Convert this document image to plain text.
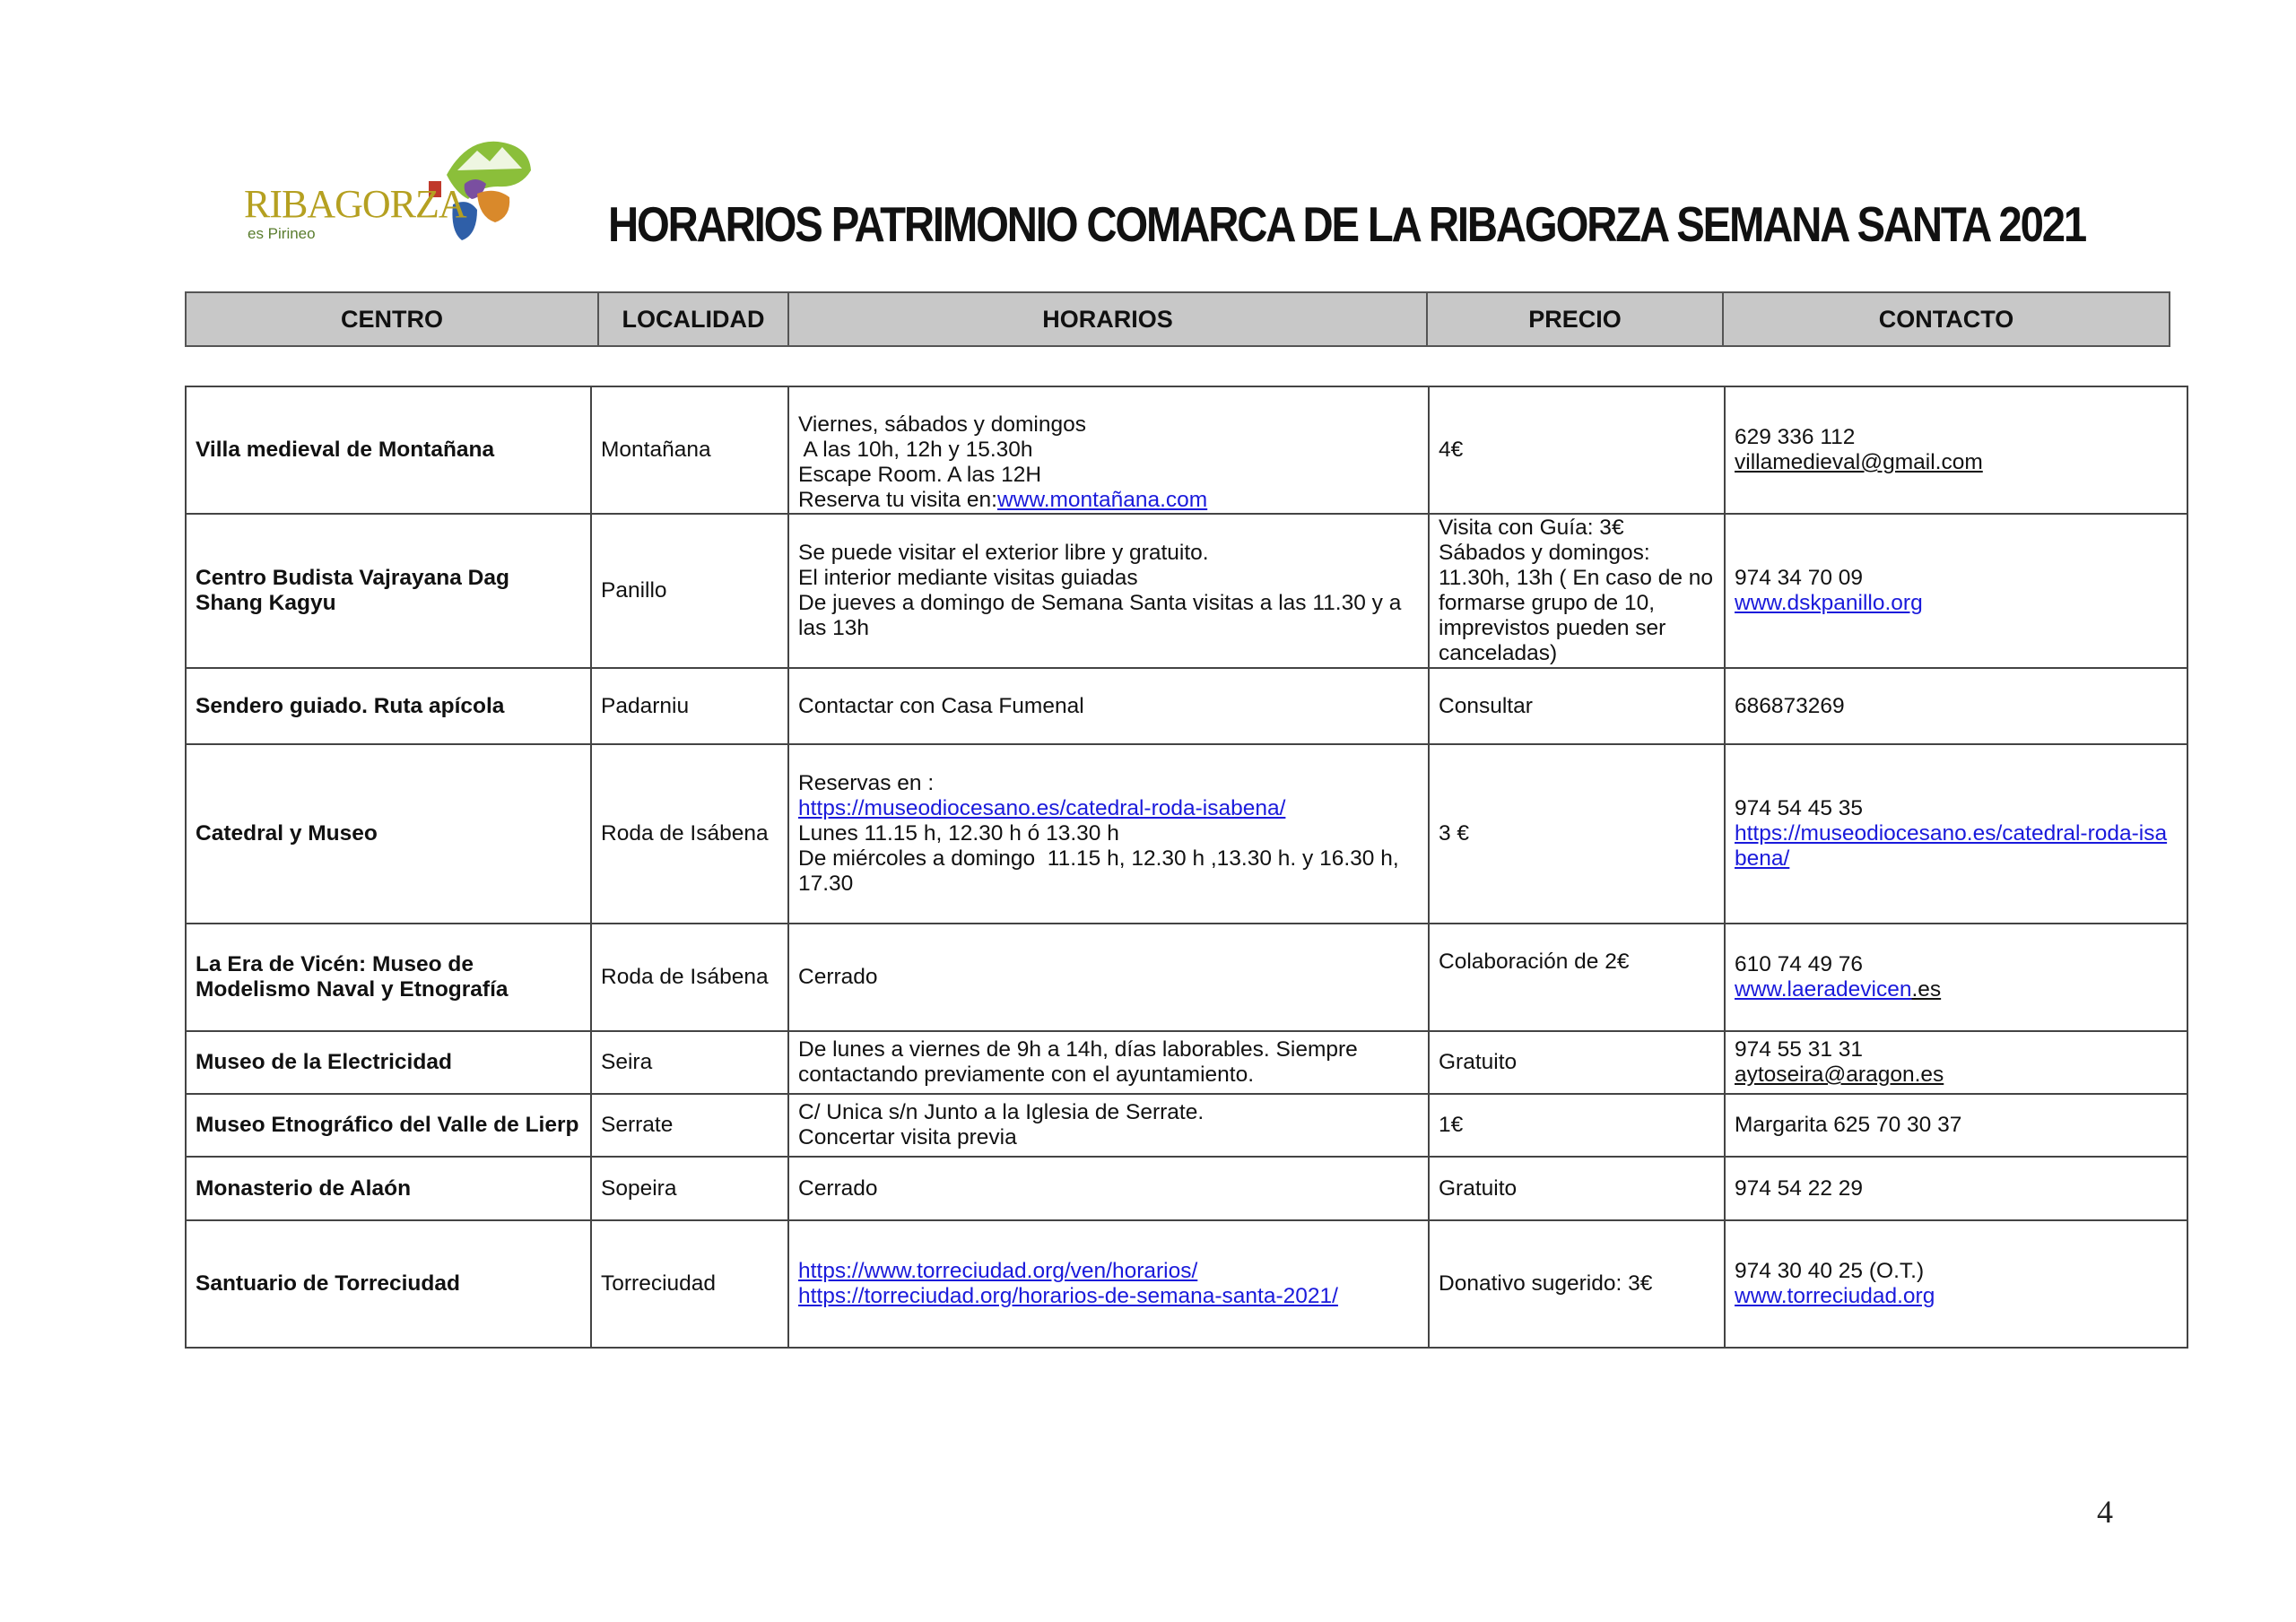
RIBAGORZA
es Pirineo	HORARIOS PATRIMONIO COMARCA DE LA RIBAGORZA SEMANA SANTA 2021
CENTRO	LOCALIDAD	HORARIOS	PRECIO	CONTACTO
Villa medieval de Montañana	Montañana	Viernes, sábados y domingos
A las 10h, 12h y 15.30h
Escape Room. A las 12H
Reserva tu visita en:www.montañana.com	4€	629 336 112
villamedieval@gmail.com

Centro Budista Vajrayana Dag Shang Kagyu	Panillo	Se puede visitar el exterior libre y gratuito.
El interior mediante visitas guiadas
De jueves a domingo de Semana Santa visitas a las 11.30 y a las 13h	Visita con Guía: 3€
Sábados y domingos: 11.30h, 13h ( En caso de no formarse grupo de 10, imprevistos pueden ser canceladas)	974 34 70 09
www.dskpanillo.org

Sendero guiado. Ruta apícola	Padarniu	Contactar con Casa Fumenal	Consultar	686873269
Catedral y Museo	Roda de Isábena	Reservas en :
https://museodiocesano.es/catedral-roda-isabena/
Lunes 11.15 h, 12.30 h ó 13.30 h
De miércoles a domingo  11.15 h, 12.30 h ,13.30 h. y 16.30 h, 17.30	3 €	974 54 45 35
https://museodiocesano.es/catedral-roda-isabena/

La Era de Vicén: Museo de Modelismo Naval y Etnografía	Roda de Isábena	Cerrado	Colaboración de 2€	610 74 49 76
www.laeradevicen.es

Museo de la Electricidad	Seira	De lunes a viernes de 9h a 14h, días laborables. Siempre contactando previamente con el ayuntamiento.	Gratuito	974 55 31 31
aytoseira@aragon.es

Museo Etnográfico del Valle de Lierp	Serrate	C/ Unica s/n Junto a la Iglesia de Serrate.
Concertar visita previa	1€	Margarita 625 70 30 37
Monasterio de Alaón	Sopeira	Cerrado	Gratuito	974 54 22 29
Santuario de Torreciudad	Torreciudad	https://www.torreciudad.org/ven/horarios/
https://torreciudad.org/horarios-de-semana-santa-2021/	Donativo sugerido: 3€	974 30 40 25 (O.T.)
www.torreciudad.org
4
